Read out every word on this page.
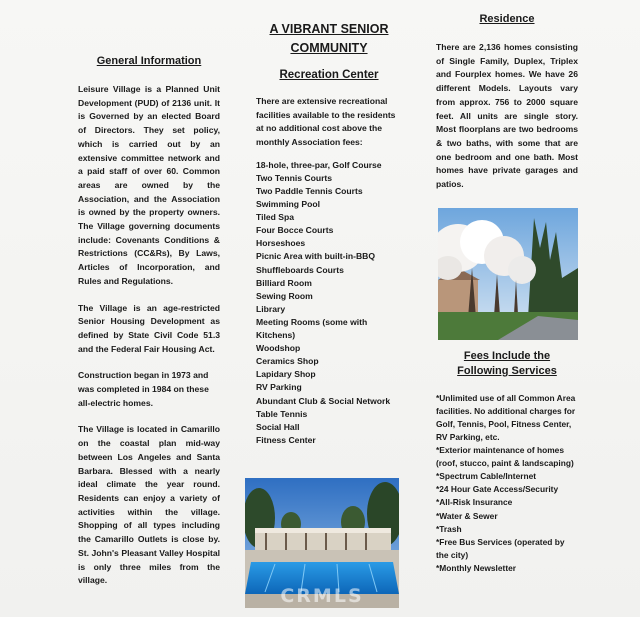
General Information

Leisure Village is a Planned Unit Development (PUD) of 2136 unit. It is Governed by an elected Board of Directors. They set policy, which is carried out by an extensive committee network and a paid staff of over 60. Common areas are owned by the Association, and the Association is owned by the property owners. The Village governing documents include: Covenants Conditions & Restrictions (CC&Rs), By Laws, Articles of Incorporation, and Rules and Regulations.

The Village is an age-restricted Senior Housing Development as defined by State Civil Code 51.3 and the Federal Fair Housing Act.

Construction began in 1973 and was completed in 1984 on these all-electric homes.

The Village is located in Camarillo on the coastal plan mid-way between Los Angeles and Santa Barbara. Blessed with a nearly ideal climate the year round. Residents can enjoy a variety of activities within the village. Shopping of all types including the Camarillo Outlets is close by. St. John's Pleasant Valley Hospital is only three miles from the village.

A VIBRANT SENIOR
COMMUNITY
Recreation Center

There are extensive recreational facilities available to the residents at no additional cost above the monthly Association fees:

18-hole, three-par, Golf Course
Two Tennis Courts
Two Paddle Tennis Courts
Swimming Pool
Tiled Spa
Four Bocce Courts
Horseshoes
Picnic Area with built-in-BBQ
Shuffleboards Courts
Billiard Room
Sewing Room
Library
Meeting Rooms (some with Kitchens)
Woodshop
Ceramics Shop
Lapidary Shop
RV Parking
Abundant Club & Social Network
Table Tennis
Social Hall
Fitness Center
Residence

There are 2,136 homes consisting of Single Family, Duplex, Triplex and Fourplex homes. We have 26 different Models. Layouts vary from approx. 756 to 2000 square feet. All units are single story. Most floorplans are two bedrooms & two baths, with some that are one bedroom and one bath. Most homes have private garages and patios.

Fees Include the
Following Services
*Unlimited use of all Common Area facilities. No additional charges for Golf, Tennis, Pool, Fitness Center, RV Parking, etc.
*Exterior maintenance of homes (roof, stucco, paint & landscaping)
*Spectrum Cable/Internet
*24 Hour Gate Access/Security
*All-Risk Insurance
*Water & Sewer
*Trash
*Free Bus Services (operated by the city)
*Monthly Newsletter
CRMLS
